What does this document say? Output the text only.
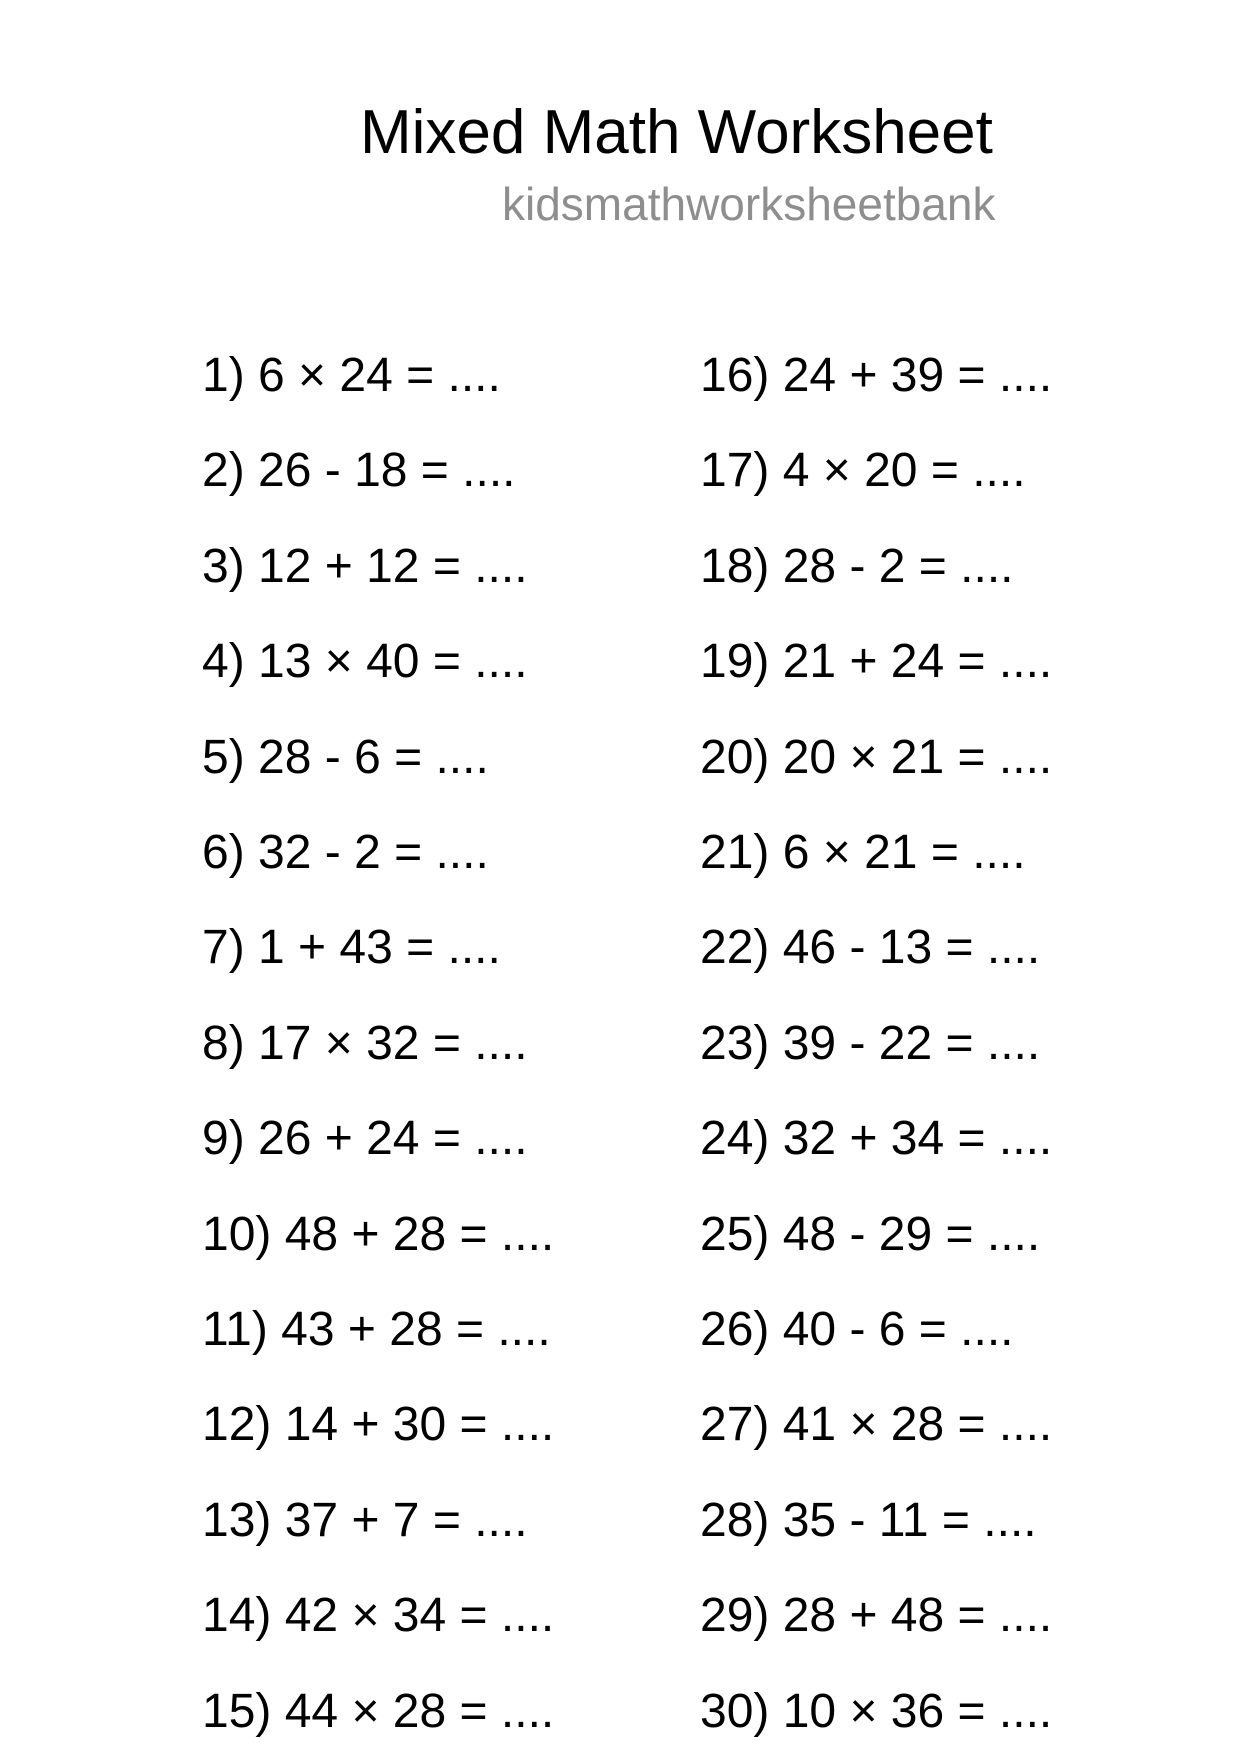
Mixed Math Worksheet
kidsmathworksheetbank
1) 6 × 24 = ....
2) 26 - 18 = ....
3) 12 + 12 = ....
4) 13 × 40 = ....
5) 28 - 6 = ....
6) 32 - 2 = ....
7) 1 + 43 = ....
8) 17 × 32 = ....
9) 26 + 24 = ....
10) 48 + 28 = ....
11) 43 + 28 = ....
12) 14 + 30 = ....
13) 37 + 7 = ....
14) 42 × 34 = ....
15) 44 × 28 = ....
16) 24 + 39 = ....
17) 4 × 20 = ....
18) 28 - 2 = ....
19) 21 + 24 = ....
20) 20 × 21 = ....
21) 6 × 21 = ....
22) 46 - 13 = ....
23) 39 - 22 = ....
24) 32 + 34 = ....
25) 48 - 29 = ....
26) 40 - 6 = ....
27) 41 × 28 = ....
28) 35 - 11 = ....
29) 28 + 48 = ....
30) 10 × 36 = ....
